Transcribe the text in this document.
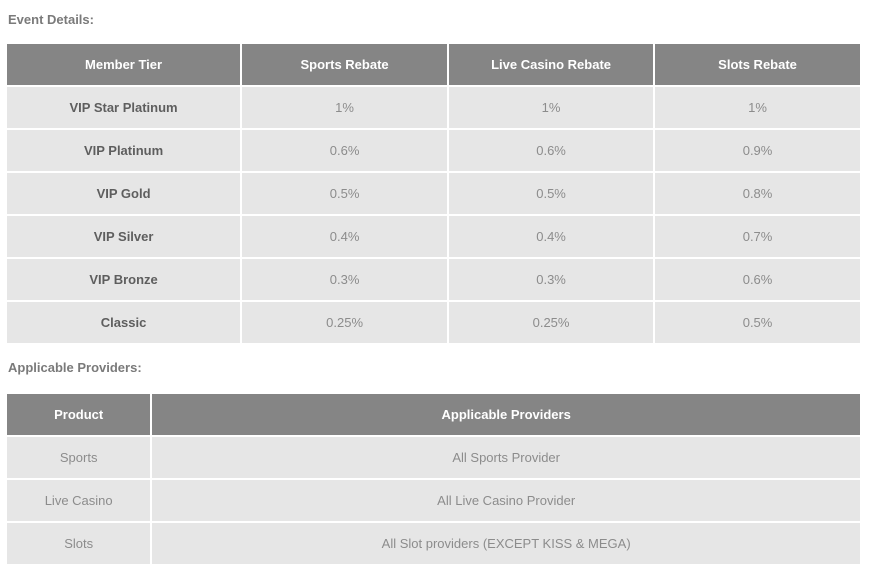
Event Details:
Member Tier	Sports Rebate	Live Casino Rebate	Slots Rebate
VIP Star Platinum	1%	1%	1%
VIP Platinum	0.6%	0.6%	0.9%
VIP Gold	0.5%	0.5%	0.8%
VIP Silver	0.4%	0.4%	0.7%
VIP Bronze	0.3%	0.3%	0.6%
Classic	0.25%	0.25%	0.5%
Applicable Providers:
Product	Applicable Providers
Sports	All Sports Provider
Live Casino	All Live Casino Provider
Slots	All Slot providers (EXCEPT KISS & MEGA)
